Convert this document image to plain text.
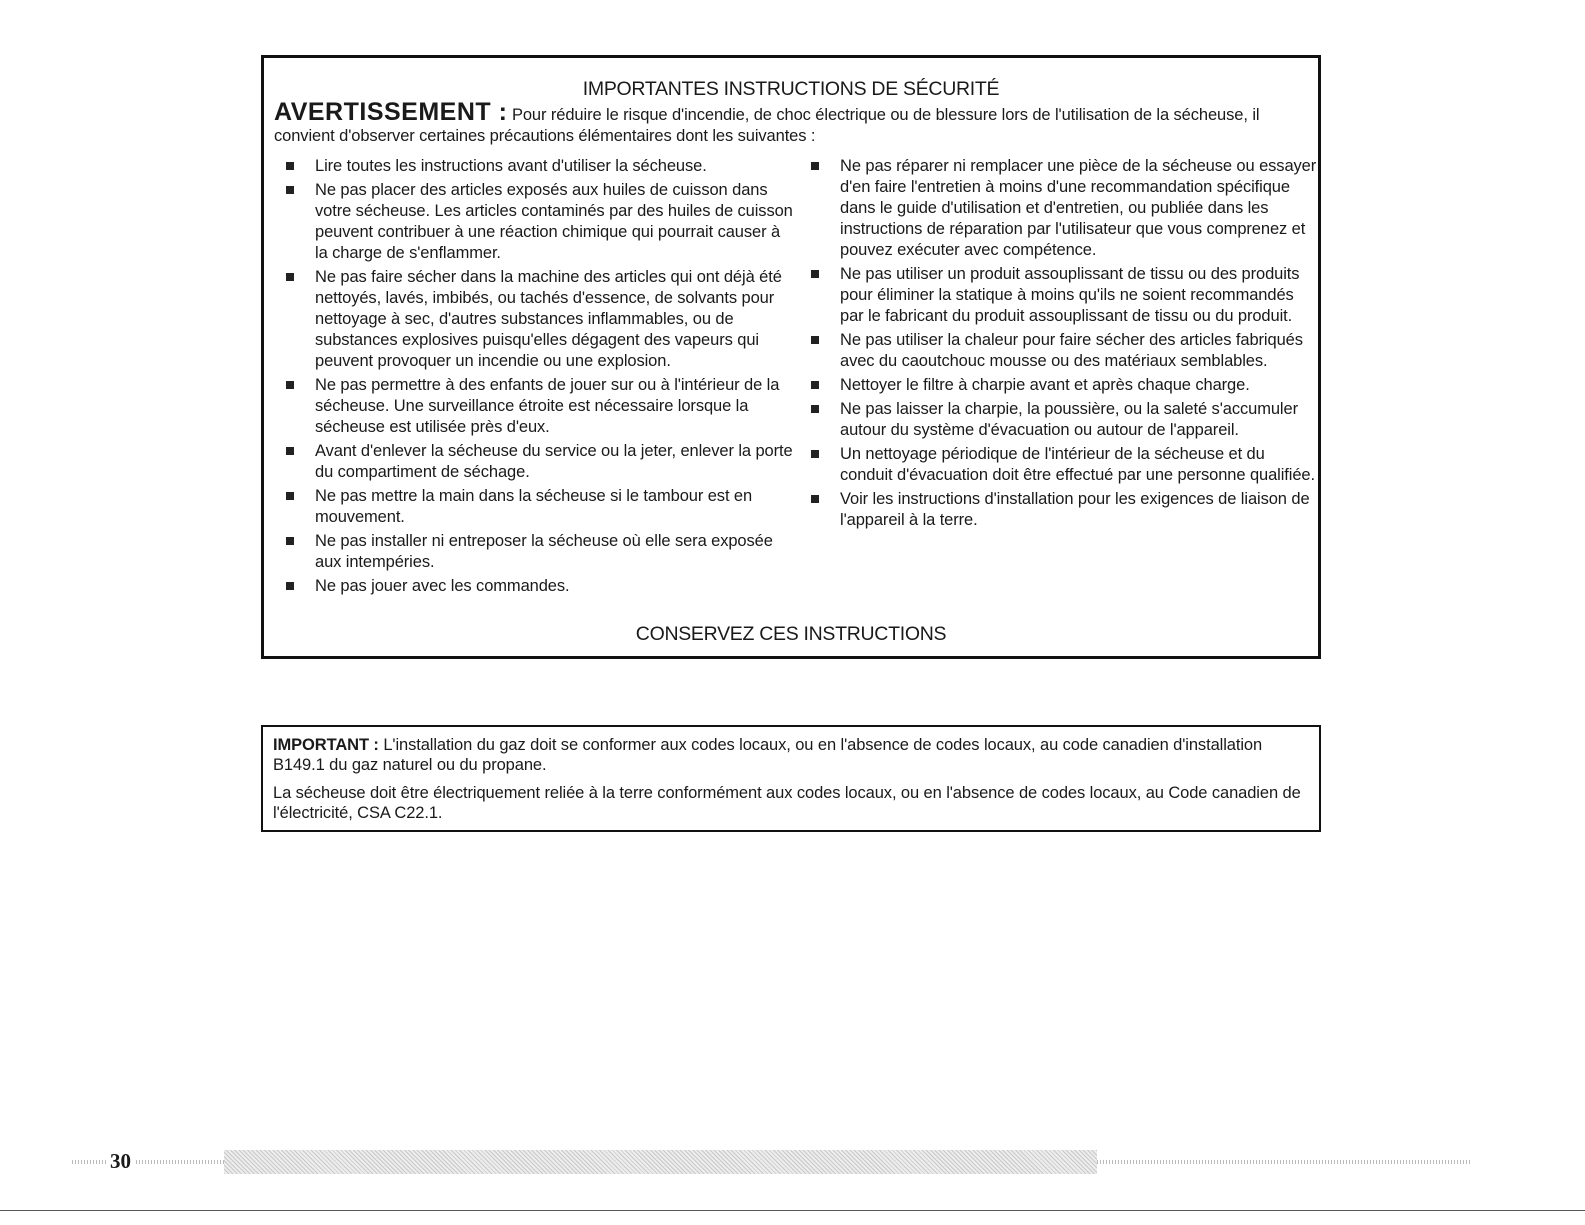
IMPORTANTES INSTRUCTIONS DE SÉCURITÉ
AVERTISSEMENT : Pour réduire le risque d'incendie, de choc électrique ou de blessure lors de l'utilisation de la sécheuse, il convient d'observer certaines précautions élémentaires dont les suivantes :
Lire toutes les instructions avant d'utiliser la sécheuse.
Ne pas placer des articles exposés aux huiles de cuisson dans votre sécheuse. Les articles contaminés par des huiles de cuisson peuvent contribuer à une réaction chimique qui pourrait causer à la charge de s'enflammer.
Ne pas faire sécher dans la machine des articles qui ont déjà été nettoyés, lavés, imbibés, ou tachés d'essence, de solvants pour nettoyage à sec, d'autres substances inflammables, ou de substances explosives puisqu'elles dégagent des vapeurs qui peuvent provoquer un incendie ou une explosion.
Ne pas permettre à des enfants de jouer sur ou à l'intérieur de la sécheuse. Une surveillance étroite est nécessaire lorsque la sécheuse est utilisée près d'eux.
Avant d'enlever la sécheuse du service ou la jeter, enlever la porte du compartiment de séchage.
Ne pas mettre la main dans la sécheuse si le tambour est en mouvement.
Ne pas installer ni entreposer la sécheuse où elle sera exposée aux intempéries.
Ne pas jouer avec les commandes.
Ne pas réparer ni remplacer une pièce de la sécheuse ou essayer d'en faire l'entretien à moins d'une recommandation spécifique dans le guide d'utilisation et d'entretien, ou publiée dans les instructions de réparation par l'utilisateur que vous comprenez et pouvez exécuter avec compétence.
Ne pas utiliser un produit assouplissant de tissu ou des produits pour éliminer la statique à moins qu'ils ne soient recommandés par le fabricant du produit assouplissant de tissu ou du produit.
Ne pas utiliser la chaleur pour faire sécher des articles fabriqués avec du caoutchouc mousse ou des matériaux semblables.
Nettoyer le filtre à charpie avant et après chaque charge.
Ne pas laisser la charpie, la poussière, ou la saleté s'accumuler autour du système d'évacuation ou autour de l'appareil.
Un nettoyage périodique de l'intérieur de la sécheuse et du conduit d'évacuation doit être effectué par une personne qualifiée.
Voir les instructions d'installation pour les exigences de liaison de l'appareil à la terre.
CONSERVEZ CES INSTRUCTIONS

IMPORTANT : L'installation du gaz doit se conformer aux codes locaux, ou en l'absence de codes locaux, au code canadien d'installation B149.1 du gaz naturel ou du propane.

La sécheuse doit être électriquement reliée à la terre conformément aux codes locaux, ou en l'absence de codes locaux, au Code canadien de l'électricité, CSA C22.1.

30
